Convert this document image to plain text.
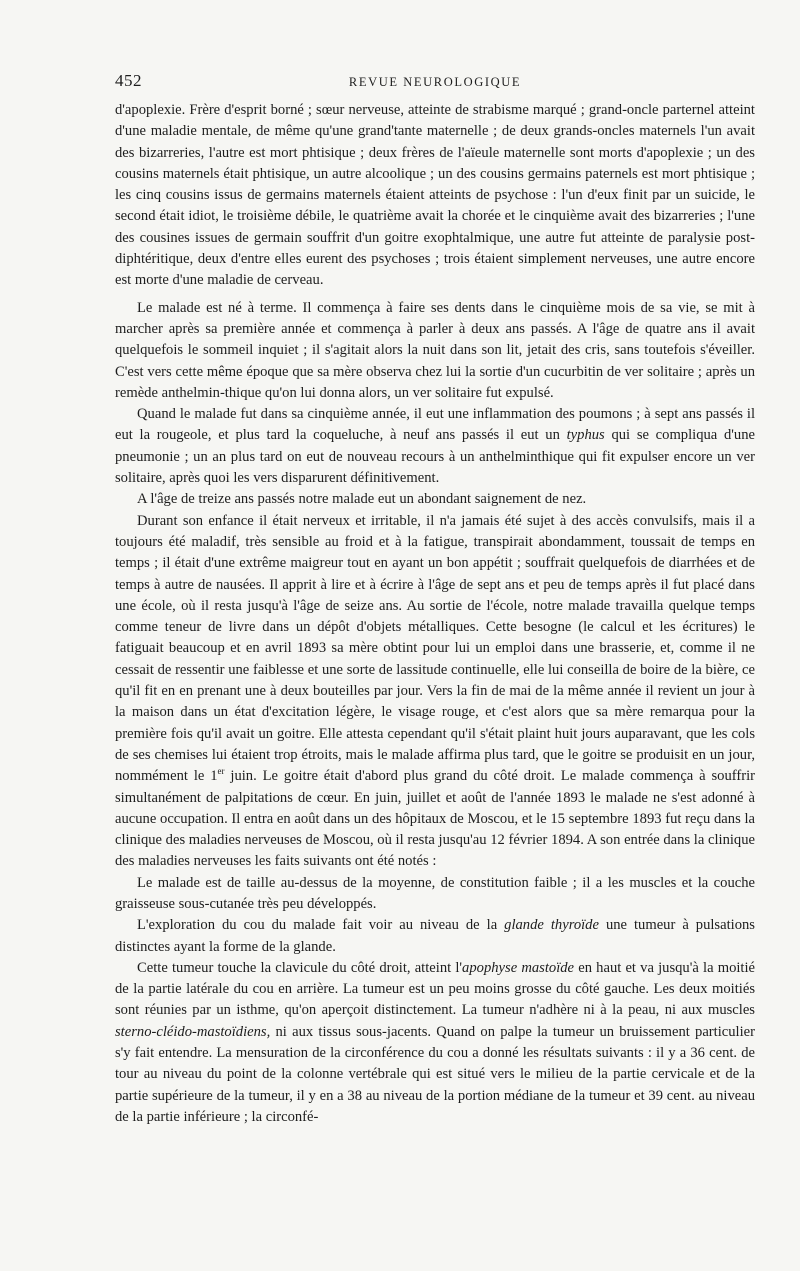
452	REVUE NEUROLOGIQUE

d'apoplexie. Frère d'esprit borné ; sœur nerveuse, atteinte de strabisme marqué ; grand-oncle parternel atteint d'une maladie mentale, de même qu'une grand'tante maternelle ; de deux grands-oncles maternels l'un avait des bizarreries, l'autre est mort phtisique ; deux frères de l'aïeule maternelle sont morts d'apoplexie ; un des cousins maternels était phtisique, un autre alcoolique ; un des cousins germains paternels est mort phtisique ; les cinq cousins issus de germains maternels étaient atteints de psychose : l'un d'eux finit par un suicide, le second était idiot, le troisième débile, le quatrième avait la chorée et le cinquième avait des bizarreries ; l'une des cousines issues de germain souffrit d'un goitre exophtalmique, une autre fut atteinte de paralysie post-diphtéritique, deux d'entre elles eurent des psychoses ; trois étaient simplement nerveuses, une autre encore est morte d'une maladie de cerveau.

Le malade est né à terme. Il commença à faire ses dents dans le cinquième mois de sa vie, se mit à marcher après sa première année et commença à parler à deux ans passés. A l'âge de quatre ans il avait quelquefois le sommeil inquiet ; il s'agitait alors la nuit dans son lit, jetait des cris, sans toutefois s'éveiller. C'est vers cette même époque que sa mère observa chez lui la sortie d'un cucurbitin de ver solitaire ; après un remède anthelmin-thique qu'on lui donna alors, un ver solitaire fut expulsé.

Quand le malade fut dans sa cinquième année, il eut une inflammation des poumons ; à sept ans passés il eut la rougeole, et plus tard la coqueluche, à neuf ans passés il eut un typhus qui se compliqua d'une pneumonie ; un an plus tard on eut de nouveau recours à un anthelminthique qui fit expulser encore un ver solitaire, après quoi les vers disparurent définitivement.

A l'âge de treize ans passés notre malade eut un abondant saignement de nez.

Durant son enfance il était nerveux et irritable, il n'a jamais été sujet à des accès convulsifs, mais il a toujours été maladif, très sensible au froid et à la fatigue, transpirait abondamment, toussait de temps en temps ; il était d'une extrême maigreur tout en ayant un bon appétit ; souffrait quelquefois de diarrhées et de temps à autre de nausées. Il apprit à lire et à écrire à l'âge de sept ans et peu de temps après il fut placé dans une école, où il resta jusqu'à l'âge de seize ans. Au sortie de l'école, notre malade travailla quelque temps comme teneur de livre dans un dépôt d'objets métalliques. Cette besogne (le calcul et les écritures) le fatiguait beaucoup et en avril 1893 sa mère obtint pour lui un emploi dans une brasserie, et, comme il ne cessait de ressentir une faiblesse et une sorte de lassitude continuelle, elle lui conseilla de boire de la bière, ce qu'il fit en en prenant une à deux bouteilles par jour. Vers la fin de mai de la même année il revient un jour à la maison dans un état d'excitation légère, le visage rouge, et c'est alors que sa mère remarqua pour la première fois qu'il avait un goitre. Elle attesta cependant qu'il s'était plaint huit jours auparavant, que les cols de ses chemises lui étaient trop étroits, mais le malade affirma plus tard, que le goitre se produisit en un jour, nommément le 1er juin. Le goitre était d'abord plus grand du côté droit. Le malade commença à souffrir simultanément de palpitations de cœur. En juin, juillet et août de l'année 1893 le malade ne s'est adonné à aucune occupation. Il entra en août dans un des hôpitaux de Moscou, et le 15 septembre 1893 fut reçu dans la clinique des maladies nerveuses de Moscou, où il resta jusqu'au 12 février 1894. A son entrée dans la clinique des maladies nerveuses les faits suivants ont été notés :

Le malade est de taille au-dessus de la moyenne, de constitution faible ; il a les muscles et la couche graisseuse sous-cutanée très peu développés.

L'exploration du cou du malade fait voir au niveau de la glande thyroïde une tumeur à pulsations distinctes ayant la forme de la glande.

Cette tumeur touche la clavicule du côté droit, atteint l'apophyse mastoïde en haut et va jusqu'à la moitié de la partie latérale du cou en arrière. La tumeur est un peu moins grosse du côté gauche. Les deux moitiés sont réunies par un isthme, qu'on aperçoit distinctement. La tumeur n'adhère ni à la peau, ni aux muscles sterno-cléido-mastoïdiens, ni aux tissus sous-jacents. Quand on palpe la tumeur un bruissement particulier s'y fait entendre. La mensuration de la circonférence du cou a donné les résultats suivants : il y a 36 cent. de tour au niveau du point de la colonne vertébrale qui est situé vers le milieu de la partie cervicale et de la partie supérieure de la tumeur, il y en a 38 au niveau de la portion médiane de la tumeur et 39 cent. au niveau de la partie inférieure ; la circonfé-
